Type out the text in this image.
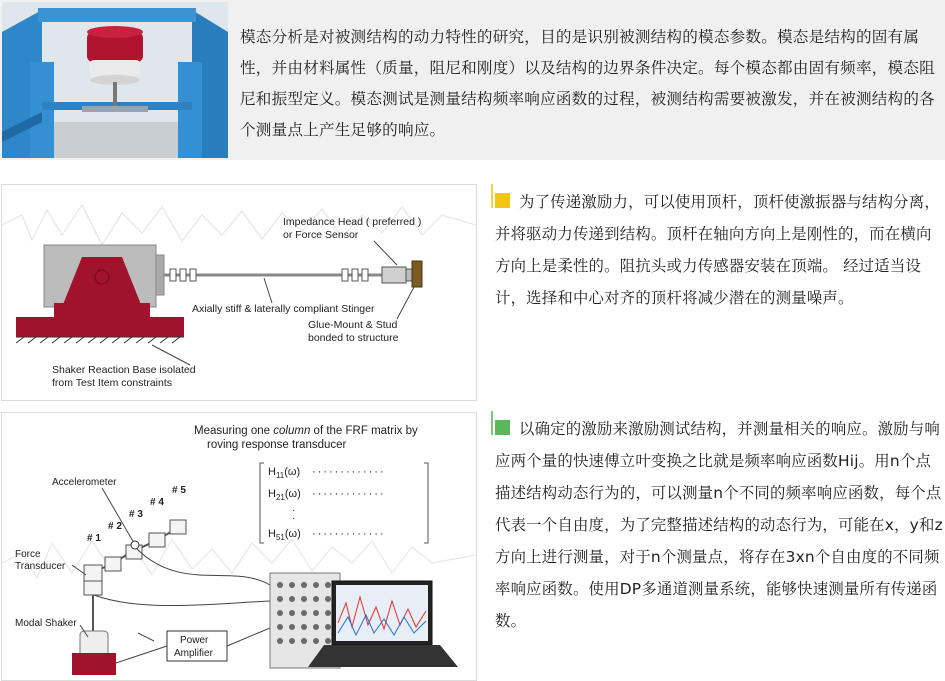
模态分析是对被测结构的动力特性的研究，目的是识别被测结构的模态参数。模态是结构的固有属性，并由材料属性（质量，阻尼和刚度）以及结构的边界条件决定。每个模态都由固有频率，模态阻尼和振型定义。模态测试是测量结构频率响应函数的过程，被测结构需要被激发，并在被测结构的各个测量点上产生足够的响应。
Impedance Head ( preferred )
or Force Sensor
Axially stiff & laterally compliant Stinger
Glue-Mount & Stud
bonded to structure
Shaker Reaction Base isolated
from Test Item constraints
Measuring one column of the FRF matrix by
roving response transducer
$H_{11}(\omega)$ ·············
$H_{21}(\omega)$ ·············
·
·
$H_{51}(\omega)$ ·············
# 1
# 2
# 3
# 4
# 5
Accelerometer
Force
Transducer
Modal Shaker
Power
Amplifier
为了传递激励力，可以使用顶杆，顶杆使激振器与结构分离，并将驱动力传递到结构。顶杆在轴向方向上是刚性的，而在横向方向上是柔性的。阻抗头或力传感器安装在顶端。 经过适当设计，选择和中心对齐的顶杆将减少潜在的测量噪声。
以确定的激励来激励测试结构，并测量相关的响应。激励与响应两个量的快速傅立叶变换之比就是频率响应函数Hij。用n个点描述结构动态行为的，可以测量n个不同的频率响应函数，每个点代表一个自由度，为了完整描述结构的动态行为，可能在x，y和z方向上进行测量，对于n个测量点，将存在3xn个自由度的不同频率响应函数。使用DP多通道测量系统，能够快速测量所有传递函数。
